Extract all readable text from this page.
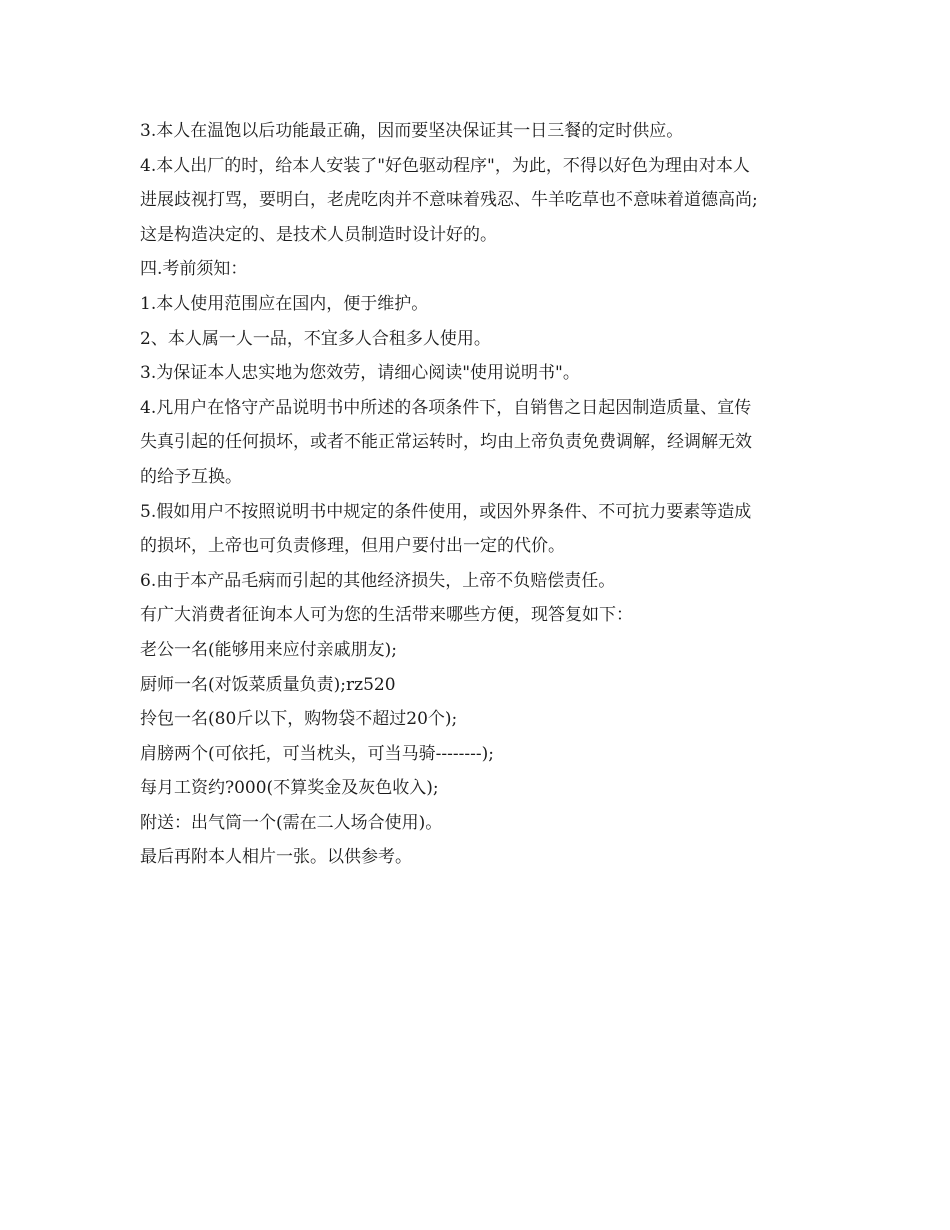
3.本人在温饱以后功能最正确，因而要坚决保证其一日三餐的定时供应。
4.本人出厂的时，给本人安装了"好色驱动程序"，为此，不得以好色为理由对本人
进展歧视打骂，要明白，老虎吃肉并不意味着残忍、牛羊吃草也不意味着道德高尚;
这是构造决定的、是技术人员制造时设计好的。
四.考前须知：
1.本人使用范围应在国内，便于维护。
2、本人属一人一品，不宜多人合租多人使用。
3.为保证本人忠实地为您效劳，请细心阅读"使用说明书"。
4.凡用户在恪守产品说明书中所述的各项条件下，自销售之日起因制造质量、宣传
失真引起的任何损坏，或者不能正常运转时，均由上帝负责免费调解，经调解无效
的给予互换。
5.假如用户不按照说明书中规定的条件使用，或因外界条件、不可抗力要素等造成
的损坏，上帝也可负责修理，但用户要付出一定的代价。
6.由于本产品毛病而引起的其他经济损失，上帝不负赔偿责任。
有广大消费者征询本人可为您的生活带来哪些方便，现答复如下：
老公一名(能够用来应付亲戚朋友);
厨师一名(对饭菜质量负责);rz520
拎包一名(80斤以下，购物袋不超过20个);
肩膀两个(可依托，可当枕头，可当马骑--------);
每月工资约?000(不算奖金及灰色收入);
附送：出气筒一个(需在二人场合使用)。
最后再附本人相片一张。以供参考。
